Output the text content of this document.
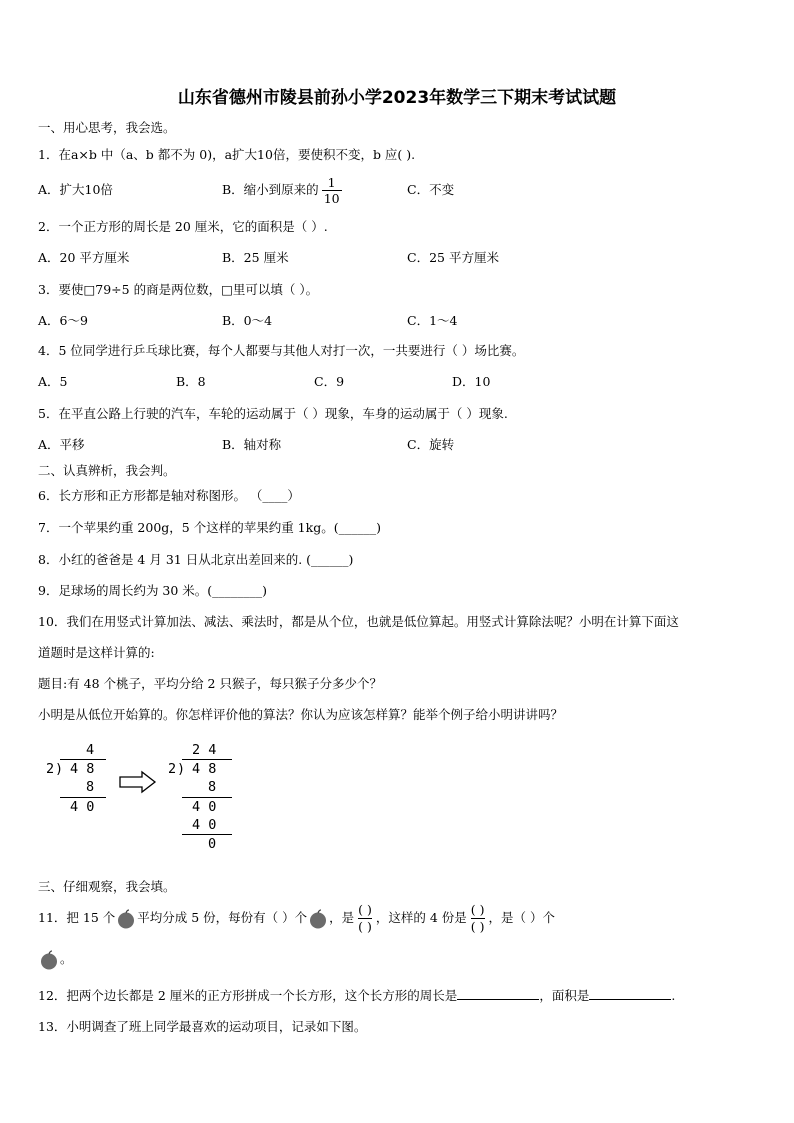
山东省德州市陵县前孙小学2023年数学三下期末考试试题
一、用心思考，我会选。
1．在a×b 中（a、b 都不为 0)，a扩大10倍，要使积不变，b 应( ).
A．扩大10倍	B．缩小到原来的 $\frac{1}{10}$	C．不变
2．一个正方形的周长是 20 厘米，它的面积是（ ）.
A．20 平方厘米	B．25 厘米	C．25 平方厘米
3．要使□79÷5 的商是两位数，□里可以填（ ）。
A．6～9	B．0～4	C．1～4
4．5 位同学进行乒乓球比赛，每个人都要与其他人对打一次，一共要进行（ ）场比赛。
A．5	B．8	C．9	D．10
5．在平直公路上行驶的汽车，车轮的运动属于（ ）现象，车身的运动属于（ ）现象.
A．平移	B．轴对称	C．旋转
二、认真辨析，我会判。
6．长方形和正方形都是轴对称图形。 （____）
7．一个苹果约重 200g，5 个这样的苹果约重 1kg。(______)
8．小红的爸爸是 4 月 31 日从北京出差回来的. (______)
9．足球场的周长约为 30 米。(________)
10．我们在用竖式计算加法、减法、乘法时，都是从个位，也就是低位算起。用竖式计算除法呢？小明在计算下面这
道题时是这样计算的:
题目:有 48 个桃子，平均分给 2 只猴子，每只猴子分多少个？
小明是从低位开始算的。你怎样评价他的算法？你认为应该怎样算？能举个例子给小明讲讲吗？
4
2 ) 4 8
8
4 0
2 4
2 ) 4 8
8
4 0
4 0
0
三、仔细观察，我会填。
11．把 15 个 平均分成 5 份，每份有（ ）个 ，是 $\frac{( )}{( )}$ ，这样的 4 份是 $\frac{( )}{( )}$ ，是（ ）个
。
12．把两个边长都是 2 厘米的正方形拼成一个长方形，这个长方形的周长是	，面积是	.
13．小明调查了班上同学最喜欢的运动项目，记录如下图。
